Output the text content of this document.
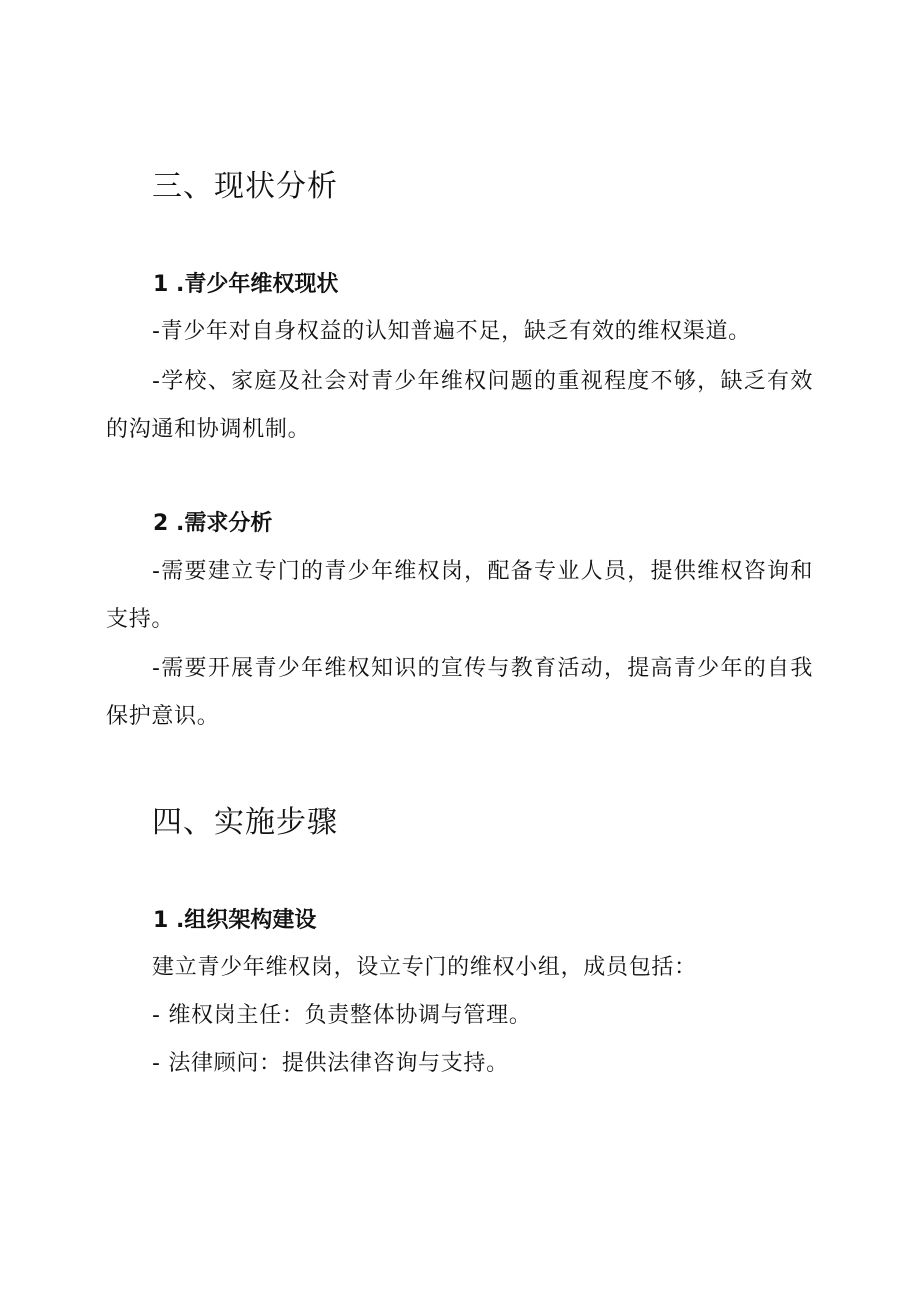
三、现状分析
1 .青少年维权现状
-青少年对自身权益的认知普遍不足，缺乏有效的维权渠道。
-学校、家庭及社会对青少年维权问题的重视程度不够，缺乏有效
的沟通和协调机制。
2 .需求分析
-需要建立专门的青少年维权岗，配备专业人员，提供维权咨询和
支持。
-需要开展青少年维权知识的宣传与教育活动，提高青少年的自我
保护意识。
四、实施步骤
1 .组织架构建设
建立青少年维权岗，设立专门的维权小组，成员包括：
- 维权岗主任：负责整体协调与管理。
- 法律顾问：提供法律咨询与支持。
